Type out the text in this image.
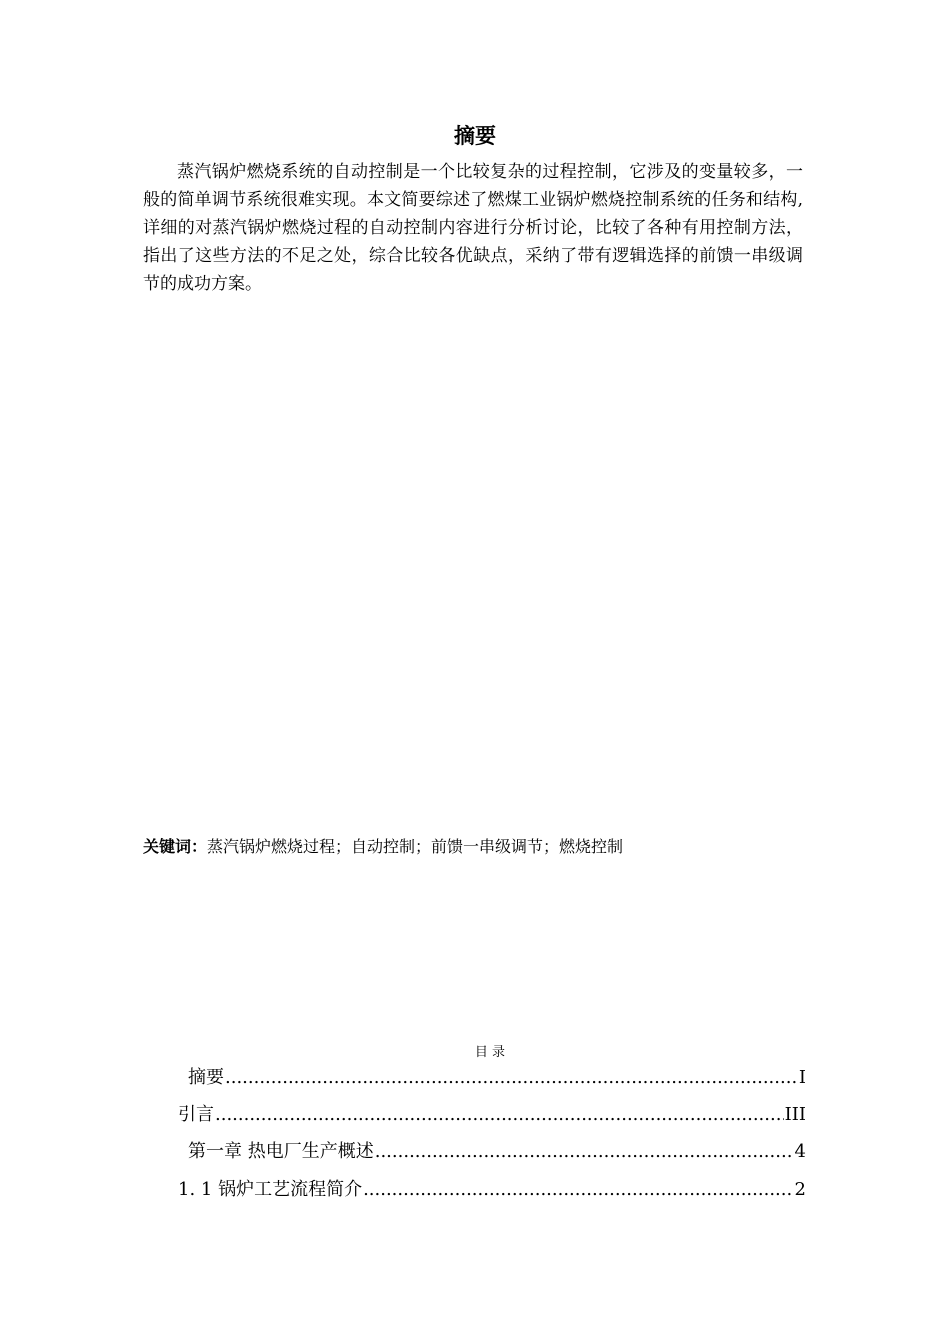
摘要
蒸汽锅炉燃烧系统的自动控制是一个比较复杂的过程控制，它涉及的变量较多，一般的简单调节系统很难实现。本文简要综述了燃煤工业锅炉燃烧控制系统的任务和结构,详细的对蒸汽锅炉燃烧过程的自动控制内容进行分析讨论，比较了各种有用控制方法，指出了这些方法的不足之处，综合比较各优缺点，采纳了带有逻辑选择的前馈一串级调节的成功方案。
关键词：蒸汽锅炉燃烧过程；自动控制；前馈一串级调节；燃烧控制
目 录
摘要 .....	I
引言 .....	III
第一章 热电厂生产概述 .....	4
1. 1 锅炉工艺流程简介 .....	2
